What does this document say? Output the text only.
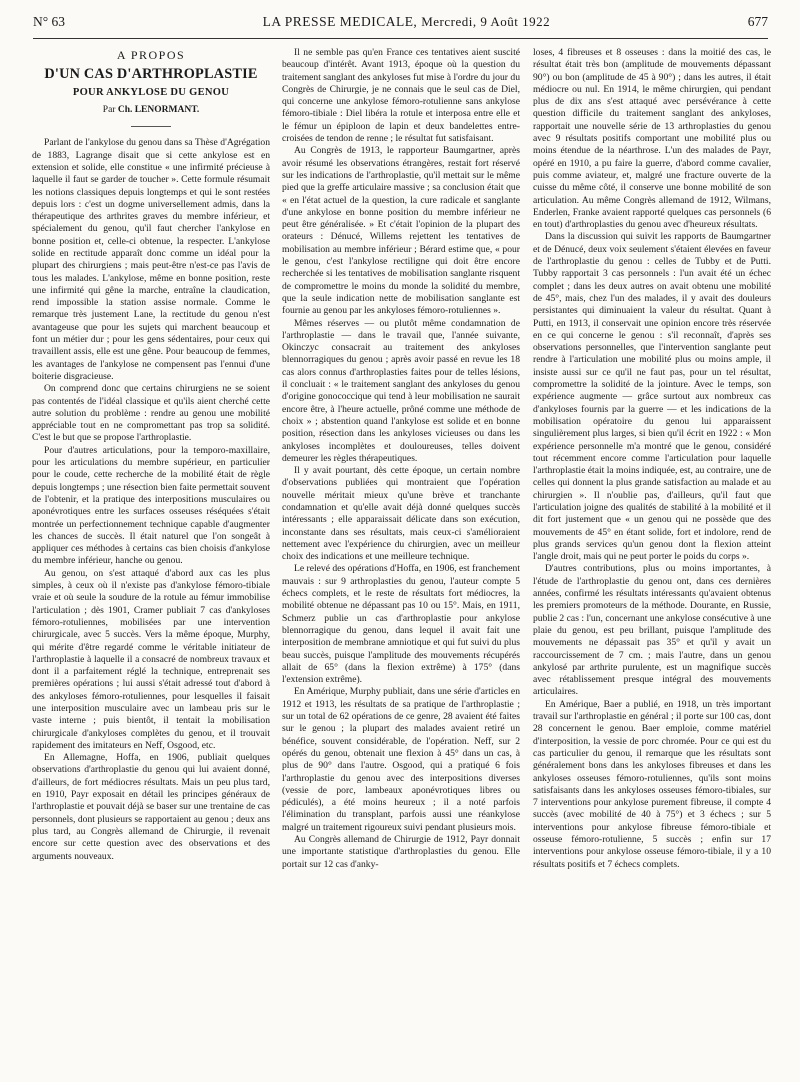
N° 63	LA PRESSE MEDICALE, Mercredi, 9 Août 1922	677
A PROPOS
D'UN CAS D'ARTHROPLASTIE
POUR ANKYLOSE DU GENOU
Par Ch. LENORMANT.

Parlant de l'ankylose du genou dans sa Thèse d'Agrégation de 1883, Lagrange disait que si cette ankylose est en extension et solide, elle constitue « une infirmité précieuse à laquelle il faut se garder de toucher ». Cette formule résumait les notions classiques depuis longtemps et qui le sont restées depuis lors : c'est un dogme universellement admis, dans la thérapeutique des arthrites graves du membre inférieur, et spécialement du genou, qu'il faut chercher l'ankylose en bonne position et, celle-ci obtenue, la respecter. L'ankylose solide en rectitude apparaît donc comme un idéal pour la plupart des chirurgiens ; mais peut-être n'est-ce pas l'avis de tous les malades. L'ankylose, même en bonne position, reste une infirmité qui gêne la marche, entraîne la claudication, rend impossible la station assise normale. Comme le remarque très justement Lane, la rectitude du genou n'est avantageuse que pour les sujets qui marchent beaucoup et font un métier dur ; pour les gens sédentaires, pour ceux qui travaillent assis, elle est une gêne. Pour beaucoup de femmes, les avantages de l'ankylose ne compensent pas l'ennui d'une boiterie disgracieuse.

On comprend donc que certains chirurgiens ne se soient pas contentés de l'idéal classique et qu'ils aient cherché cette autre solution du problème : rendre au genou une mobilité appréciable tout en ne compromettant pas trop sa solidité. C'est le but que se propose l'arthroplastie.

Pour d'autres articulations, pour la temporo-maxillaire, pour les articulations du membre supérieur, en particulier pour le coude, cette recherche de la mobilité était de règle depuis longtemps ; une résection bien faite permettait souvent de l'obtenir, et la pratique des interpositions musculaires ou aponévrotiques entre les surfaces osseuses réséquées s'était montrée un perfectionnement technique capable d'augmenter les chances de succès. Il était naturel que l'on songeât à appliquer ces méthodes à certains cas bien choisis d'ankylose du membre inférieur, hanche ou genou.

Au genou, on s'est attaqué d'abord aux cas les plus simples, à ceux où il n'existe pas d'ankylose fémoro-tibiale vraie et où seule la soudure de la rotule au fémur immobilise l'articulation ; dès 1901, Cramer publiait 7 cas d'ankyloses fémoro-rotuliennes, mobilisées par une intervention chirurgicale, avec 5 succès. Vers la même époque, Murphy, qui mérite d'être regardé comme le véritable initiateur de l'arthroplastie à laquelle il a consacré de nombreux travaux et dont il a parfaitement réglé la technique, entreprenait ses premières opérations ; lui aussi s'était adressé tout d'abord à des ankyloses fémoro-rotuliennes, pour lesquelles il faisait une interposition musculaire avec un lambeau pris sur le vaste interne ; puis bientôt, il tentait la mobilisation chirurgicale d'ankyloses complètes du genou, et il trouvait rapidement des imitateurs en Neff, Osgood, etc.

En Allemagne, Hoffa, en 1906, publiait quelques observations d'arthroplastie du genou qui lui avaient donné, d'ailleurs, de fort médiocres résultats. Mais un peu plus tard, en 1910, Payr exposait en détail les principes généraux de l'arthroplastie et pouvait déjà se baser sur une trentaine de cas personnels, dont plusieurs se rapportaient au genou ; deux ans plus tard, au Congrès allemand de Chirurgie, il revenait encore sur cette question avec des observations et des arguments nouveaux.

Il ne semble pas qu'en France ces tentatives aient suscité beaucoup d'intérêt. Avant 1913, époque où la question du traitement sanglant des ankyloses fut mise à l'ordre du jour du Congrès de Chirurgie, je ne connais que le seul cas de Diel, qui concerne une ankylose fémoro-rotulienne sans ankylose fémoro-tibiale : Diel libéra la rotule et interposa entre elle et le fémur un épiploon de lapin et deux bandelettes entre-croisées de tendon de renne ; le résultat fut satisfaisant.

Au Congrès de 1913, le rapporteur Baumgartner, après avoir résumé les observations étrangères, restait fort réservé sur les indications de l'arthroplastie, qu'il mettait sur le même pied que la greffe articulaire massive ; sa conclusion était que « en l'état actuel de la question, la cure radicale et sanglante d'une ankylose en bonne position du membre inférieur ne peut être généralisée. » Et c'était l'opinion de la plupart des orateurs : Dénucé, Willems rejettent les tentatives de mobilisation au membre inférieur ; Bérard estime que, « pour le genou, c'est l'ankylose rectiligne qui doit être encore recherchée si les tentatives de mobilisation sanglante risquent de compromettre le moins du monde la solidité du membre, que la seule indication nette de mobilisation sanglante est fournie au genou par les ankyloses fémoro-rotuliennes ».

Mêmes réserves — ou plutôt même condamnation de l'arthroplastie — dans le travail que, l'année suivante, Okinczyc consacrait au traitement des ankyloses blennorragiques du genou ; après avoir passé en revue les 18 cas alors connus d'arthroplasties faites pour de telles lésions, il concluait : « le traitement sanglant des ankyloses du genou d'origine gonococcique qui tend à leur mobilisation ne saurait encore être, à l'heure actuelle, prôné comme une méthode de choix » ; abstention quand l'ankylose est solide et en bonne position, résection dans les ankyloses vicieuses ou dans les ankyloses incomplètes et douloureuses, telles doivent demeurer les règles thérapeutiques.

Il y avait pourtant, dès cette époque, un certain nombre d'observations publiées qui montraient que l'opération nouvelle méritait mieux qu'une brève et tranchante condamnation et qu'elle avait déjà donné quelques succès intéressants ; elle apparaissait délicate dans son exécution, inconstante dans ses résultats, mais ceux-ci s'amélioraient nettement avec l'expérience du chirurgien, avec un meilleur choix des indications et une meilleure technique.

Le relevé des opérations d'Hoffa, en 1906, est franchement mauvais : sur 9 arthroplasties du genou, l'auteur compte 5 échecs complets, et le reste de résultats fort médiocres, la mobilité obtenue ne dépassant pas 10 ou 15°. Mais, en 1911, Schmerz publie un cas d'arthroplastie pour ankylose blennorragique du genou, dans lequel il avait fait une interposition de membrane amniotique et qui fut suivi du plus beau succès, puisque l'amplitude des mouvements récupérés allait de 65° (dans la flexion extrême) à 175° (dans l'extension extrême).

En Amérique, Murphy publiait, dans une série d'articles en 1912 et 1913, les résultats de sa pratique de l'arthroplastie ; sur un total de 62 opérations de ce genre, 28 avaient été faites sur le genou ; la plupart des malades avaient retiré un bénéfice, souvent considérable, de l'opération. Neff, sur 2 opérés du genou, obtenait une flexion à 45° dans un cas, à plus de 90° dans l'autre. Osgood, qui a pratiqué 6 fois l'arthroplastie du genou avec des interpositions diverses (vessie de porc, lambeaux aponévrotiques libres ou pédiculés), a été moins heureux ; il a noté parfois l'élimination du transplant, parfois aussi une réankylose malgré un traitement rigoureux suivi pendant plusieurs mois.

Au Congrès allemand de Chirurgie de 1912, Payr donnait une importante statistique d'arthroplasties du genou. Elle portait sur 12 cas d'anky-

loses, 4 fibreuses et 8 osseuses : dans la moitié des cas, le résultat était très bon (amplitude de mouvements dépassant 90°) ou bon (amplitude de 45 à 90°) ; dans les autres, il était médiocre ou nul. En 1914, le même chirurgien, qui pendant plus de dix ans s'est attaqué avec persévérance à cette question difficile du traitement sanglant des ankyloses, rapportait une nouvelle série de 13 arthroplasties du genou avec 9 résultats positifs comportant une mobilité plus ou moins étendue de la néarthrose. L'un des malades de Payr, opéré en 1910, a pu faire la guerre, d'abord comme cavalier, puis comme aviateur, et, malgré une fracture ouverte de la cuisse du même côté, il conserve une bonne mobilité de son articulation. Au même Congrès allemand de 1912, Wilmans, Enderlen, Franke avaient rapporté quelques cas personnels (6 en tout) d'arthroplasties du genou avec d'heureux résultats.

Dans la discussion qui suivit les rapports de Baumgartner et de Dénucé, deux voix seulement s'étaient élevées en faveur de l'arthroplastie du genou : celles de Tubby et de Putti. Tubby rapportait 3 cas personnels : l'un avait été un échec complet ; dans les deux autres on avait obtenu une mobilité de 45°, mais, chez l'un des malades, il y avait des douleurs persistantes qui diminuaient la valeur du résultat. Quant à Putti, en 1913, il conservait une opinion encore très réservée en ce qui concerne le genou : s'il reconnaît, d'après ses observations personnelles, que l'intervention sanglante peut rendre à l'articulation une mobilité plus ou moins ample, il insiste aussi sur ce qu'il ne faut pas, pour un tel résultat, compromettre la solidité de la jointure. Avec le temps, son expérience augmente — grâce surtout aux nombreux cas d'ankyloses fournis par la guerre — et les indications de la mobilisation opératoire du genou lui apparaissent singulièrement plus larges, si bien qu'il écrit en 1922 : « Mon expérience personnelle m'a montré que le genou, considéré tout récemment encore comme l'articulation pour laquelle l'arthroplastie était la moins indiquée, est, au contraire, une de celles qui donnent la plus grande satisfaction au malade et au chirurgien ». Il n'oublie pas, d'ailleurs, qu'il faut que l'articulation joigne des qualités de stabilité à la mobilité et il dit fort justement que « un genou qui ne possède que des mouvements de 45° en étant solide, fort et indolore, rend de plus grands services qu'un genou dont la flexion atteint l'angle droit, mais qui ne peut porter le poids du corps ».

D'autres contributions, plus ou moins importantes, à l'étude de l'arthroplastie du genou ont, dans ces dernières années, confirmé les résultats intéressants qu'avaient obtenus les premiers promoteurs de la méthode. Dourante, en Russie, publie 2 cas : l'un, concernant une ankylose consécutive à une plaie du genou, est peu brillant, puisque l'amplitude des mouvements ne dépassait pas 35° et qu'il y avait un raccourcissement de 7 cm. ; mais l'autre, dans un genou ankylosé par arthrite purulente, est un magnifique succès avec rétablissement presque intégral des mouvements articulaires.

En Amérique, Baer a publié, en 1918, un très important travail sur l'arthroplastie en général ; il porte sur 100 cas, dont 28 concernent le genou. Baer emploie, comme matériel d'interposition, la vessie de porc chromée. Pour ce qui est du cas particulier du genou, il remarque que les résultats sont généralement bons dans les ankyloses fibreuses et dans les ankyloses osseuses fémoro-rotuliennes, qu'ils sont moins satisfaisants dans les ankyloses osseuses fémoro-tibiales, sur 7 interventions pour ankylose purement fibreuse, il compte 4 succès (avec mobilité de 40 à 75°) et 3 échecs ; sur 5 interventions pour ankylose fibreuse fémoro-tibiale et osseuse fémoro-rotulienne, 5 succès ; enfin sur 17 interventions pour ankylose osseuse fémoro-tibiale, il y a 10 résultats positifs et 7 échecs complets.
